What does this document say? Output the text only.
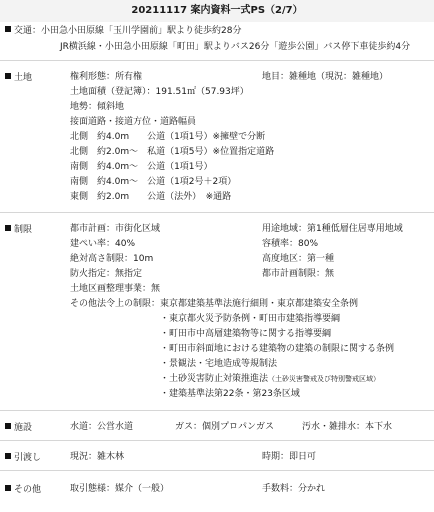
20211117 案内資料一式PS（2/7）
交通：小田急小田原線「玉川学園前」駅より徒歩約28分
JR横浜線・小田急小田原線「町田」駅よりバス26分「遊歩公園」バス停下車徒歩約4分
土地	権利形態：所有権	地目：雑種地（現況：雑種地）
土地面積（登記簿）：191.51㎡（57.93坪）
地勢：傾斜地
接面道路・接道方位・道路幅員
北側　約4.0m　　公道（1項1号）※擁壁で分断
北側　約2.0m～　私道（1項5号）※位置指定道路
南側　約4.0m～　公道（1項1号）
南側　約4.0m～　公道（1項2号＋2項）
東側　約2.0m　　公道（法外）　※通路
制限	都市計画：市街化区域	用途地域：第1種低層住居専用地域
建ぺい率：40%	容積率：80%
絶対高さ制限：10m	高度地区：第一種
防火指定：無指定	都市計画制限：無
土地区画整理事業：無
その他法令上の制限：東京都建築基準法施行細則・東京都建築安全条例
・東京都火災予防条例・町田市建築指導要綱
・町田市中高層建築物等に関する指導要綱
・町田市斜面地における建築物の建築の制限に関する条例
・景観法・宅地造成等規制法
・土砂災害防止対策推進法（土砂災害警戒及び特別警戒区域）
・建築基準法第22条・第23条区域
施設	水道：公営水道	ガス：個別プロパンガス	汚水・雑排水：本下水
引渡し	現況：雑木林	時期：即日可
その他	取引態様：媒介（一般）	手数料：分かれ
